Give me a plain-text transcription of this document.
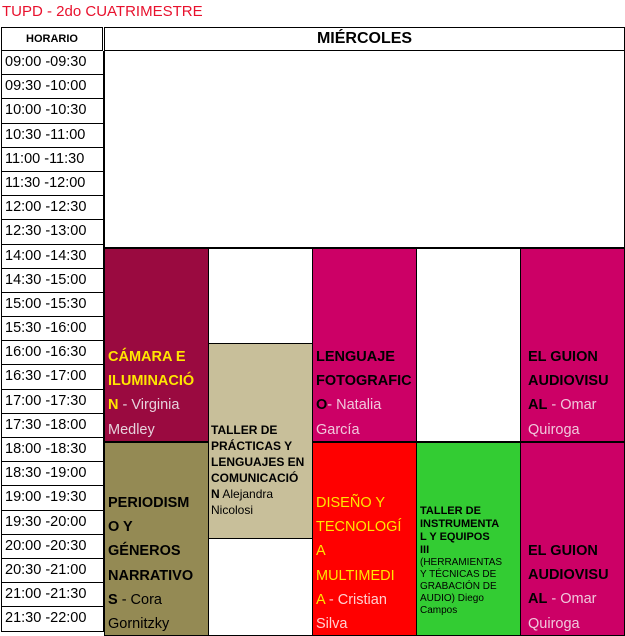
TUPD - 2do CUATRIMESTRE
HORARIO	MIÉRCOLES
09:00 -09:30
09:30 -10:00
10:00 -10:30
10:30 -11:00
11:00 -11:30
11:30 -12:00
12:00 -12:30
12:30 -13:00
14:00 -14:30
14:30 -15:00
15:00 -15:30
15:30 -16:00
16:00 -16:30
16:30 -17:00
17:00 -17:30
17:30 -18:00
18:00 -18:30
18:30 -19:00
19:00 -19:30
19:30 -20:00
20:00 -20:30
20:30 -21:00
21:00 -21:30
21:30 -22:00
CÁMARA E
ILUMINACIÓ
N - Virginia
Medley
PERIODISM
O Y
GÉNEROS
NARRATIVO
S - Cora
Gornitzky
TALLER DE
PRÁCTICAS Y
LENGUAJES EN
COMUNICACIÓ
N Alejandra
Nicolosi
LENGUAJE
FOTOGRAFIC
O- Natalia
García
DISEÑO Y
TECNOLOGÍ
A
MULTIMEDI
A - Cristian
Silva
TALLER DE
INSTRUMENTA
L Y EQUIPOS
III
(HERRAMIENTAS
Y TÉCNICAS DE
GRABACIÓN DE
AUDIO) Diego
Campos
EL GUION
AUDIOVISU
AL - Omar
Quiroga
EL GUION
AUDIOVISU
AL - Omar
Quiroga
